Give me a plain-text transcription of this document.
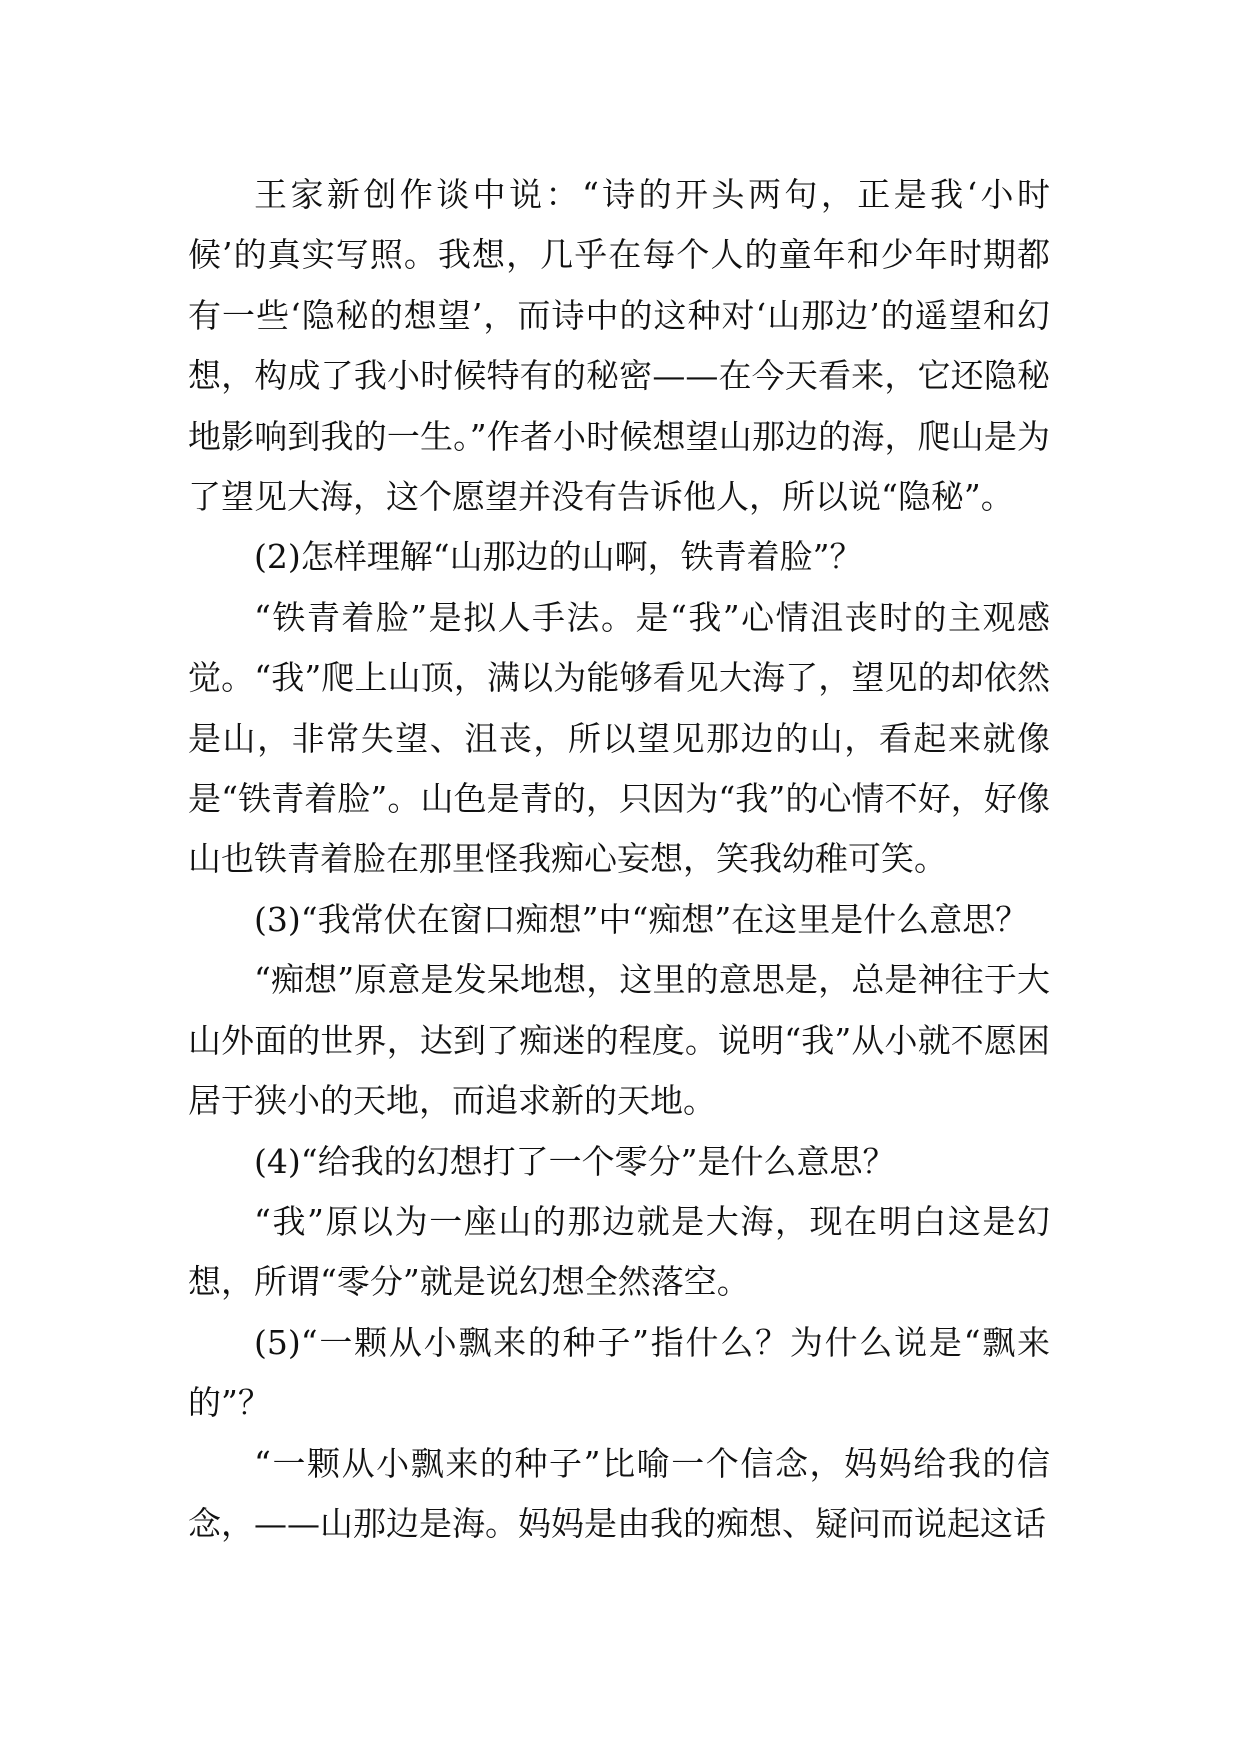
王家新创作谈中说：“诗的开头两句，正是我‘小时候’的真实写照。我想，几乎在每个人的童年和少年时期都有一些‘隐秘的想望’，而诗中的这种对‘山那边’的遥望和幻想，构成了我小时候特有的秘密——在今天看来，它还隐秘地影响到我的一生。”作者小时候想望山那边的海，爬山是为了望见大海，这个愿望并没有告诉他人，所以说“隐秘”。

(2)怎样理解“山那边的山啊，铁青着脸”？

“铁青着脸”是拟人手法。是“我”心情沮丧时的主观感觉。“我”爬上山顶，满以为能够看见大海了，望见的却依然是山，非常失望、沮丧，所以望见那边的山，看起来就像是“铁青着脸”。山色是青的，只因为“我”的心情不好，好像山也铁青着脸在那里怪我痴心妄想，笑我幼稚可笑。

(3)“我常伏在窗口痴想”中“痴想”在这里是什么意思？

“痴想”原意是发呆地想，这里的意思是，总是神往于大山外面的世界，达到了痴迷的程度。说明“我”从小就不愿困居于狭小的天地，而追求新的天地。

(4)“给我的幻想打了一个零分”是什么意思？

“我”原以为一座山的那边就是大海，现在明白这是幻想，所谓“零分”就是说幻想全然落空。

(5)“一颗从小飘来的种子”指什么？为什么说是“飘来的”？

“一颗从小飘来的种子”比喻一个信念，妈妈给我的信念，——山那边是海。妈妈是由我的痴想、疑问而说起这话
